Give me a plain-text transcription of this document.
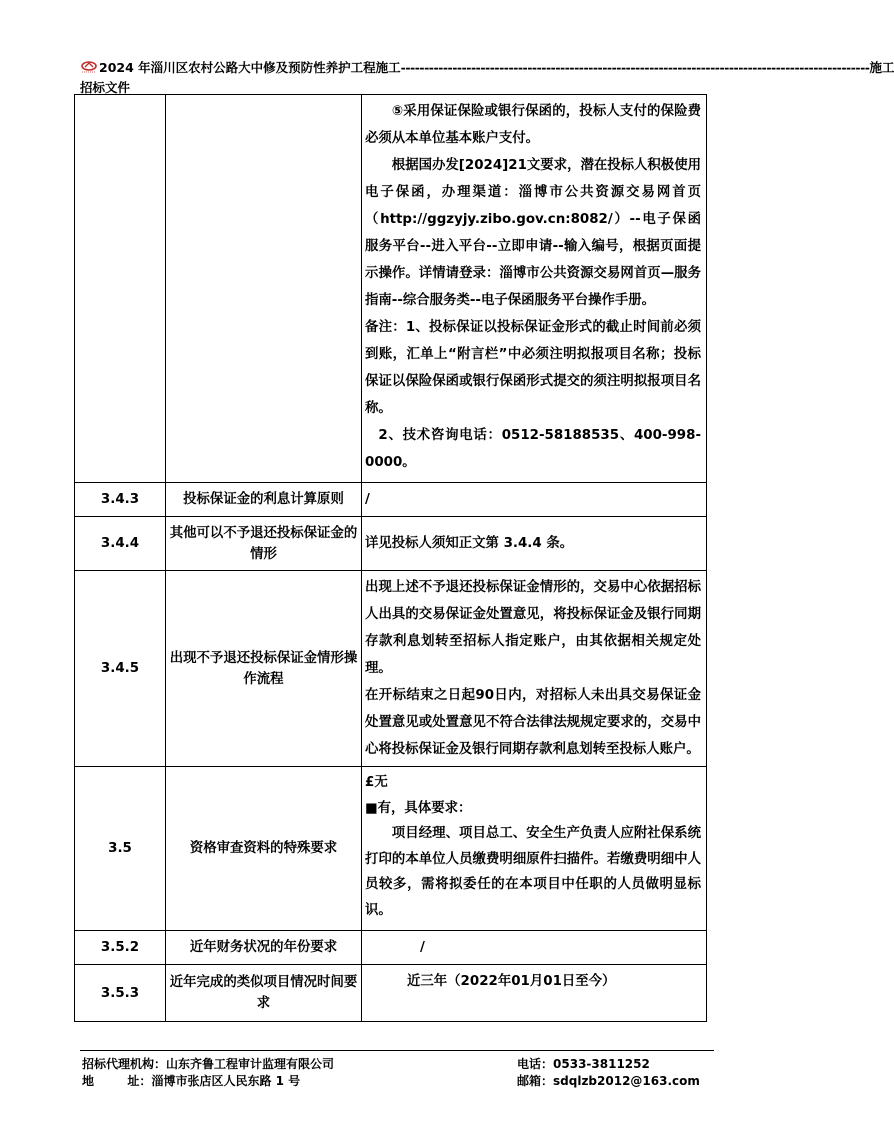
2024 年淄川区农村公路大中修及预防性养护工程施工 ---------------------------------------------------------------------------------------------------- 施工
招标文件

		⑤采用保证保险或银行保函的，投标人支付的保险费必须从本单位基本账户支付。

根据国办发[2024]21文要求，潜在投标人积极使用电子保函，办理渠道：淄博市公共资源交易网首页（http://ggzyjy.zibo.gov.cn:8082/）--电子保函服务平台--进入平台--立即申请--输入编号，根据页面提示操作。详情请登录：淄博市公共资源交易网首页—服务指南--综合服务类--电子保函服务平台操作手册。

备注：1、投标保证以投标保证金形式的截止时间前必须到账，汇单上“附言栏”中必须注明拟报项目名称；投标保证以保险保函或银行保函形式提交的须注明拟报项目名称。

2、技术咨询电话：0512-58188535、400-998-0000。

3.4.3	投标保证金的利息计算原则	/
3.4.4	其他可以不予退还投标保证金的情形	详见投标人须知正文第 3.4.4 条。
3.4.5	出现不予退还投标保证金情形操作流程	出现上述不予退还投标保证金情形的，交易中心依据招标人出具的交易保证金处置意见，将投标保证金及银行同期存款利息划转至招标人指定账户，由其依据相关规定处理。

在开标结束之日起90日内，对招标人未出具交易保证金处置意见或处置意见不符合法律法规规定要求的，交易中心将投标保证金及银行同期存款利息划转至投标人账户。

3.5	资格审查资料的特殊要求	£无

■有，具体要求：

项目经理、项目总工、安全生产负责人应附社保系统打印的本单位人员缴费明细原件扫描件。若缴费明细中人员较多，需将拟委任的在本项目中任职的人员做明显标识。

3.5.2	近年财务状况的年份要求	/
3.5.3	近年完成的类似项目情况时间要求	近三年（2022年01月01日至今）
招标代理机构：山东齐鲁工程审计监理有限公司
地        址：淄博市张店区人民东路 1 号
电话：0533-3811252
邮箱：sdqlzb2012@163.com
